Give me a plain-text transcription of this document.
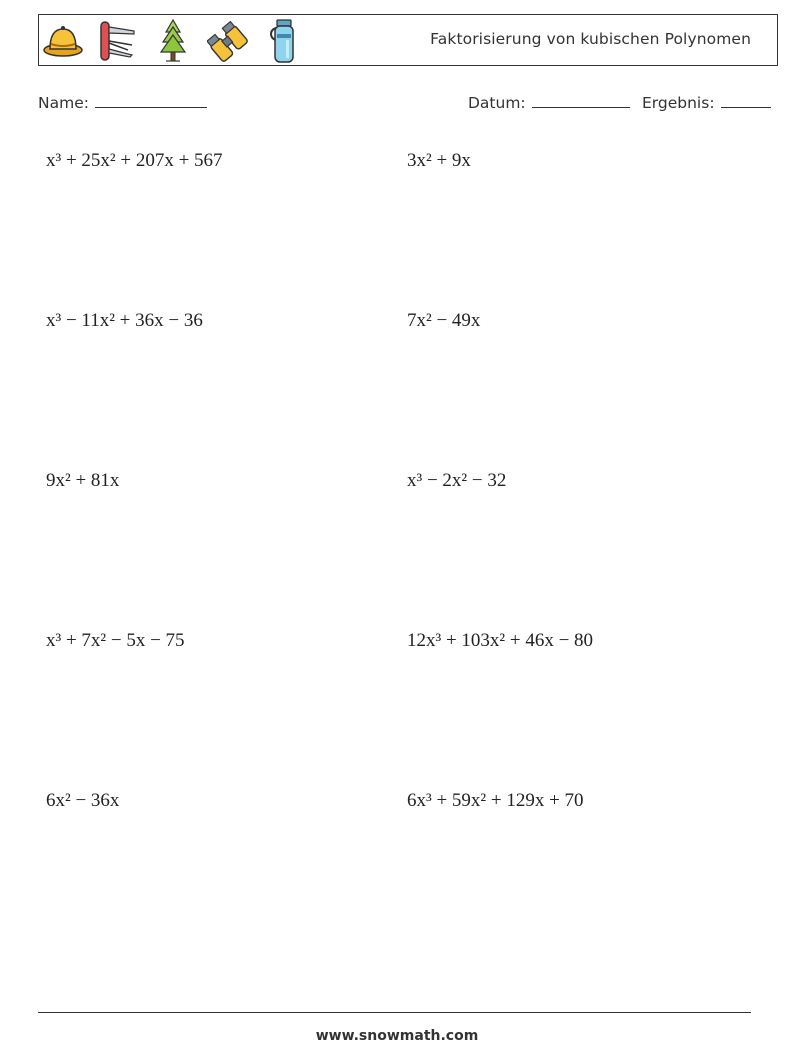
Faktorisierung von kubischen Polynomen
Name:	Datum:	Ergebnis:
x³ + 25x² + 207x + 567	3x² + 9x
x³ − 11x² + 36x − 36	7x² − 49x
9x² + 81x	x³ − 2x² − 32
x³ + 7x² − 5x − 75	12x³ + 103x² + 46x − 80
6x² − 36x	6x³ + 59x² + 129x + 70
www.snowmath.com
